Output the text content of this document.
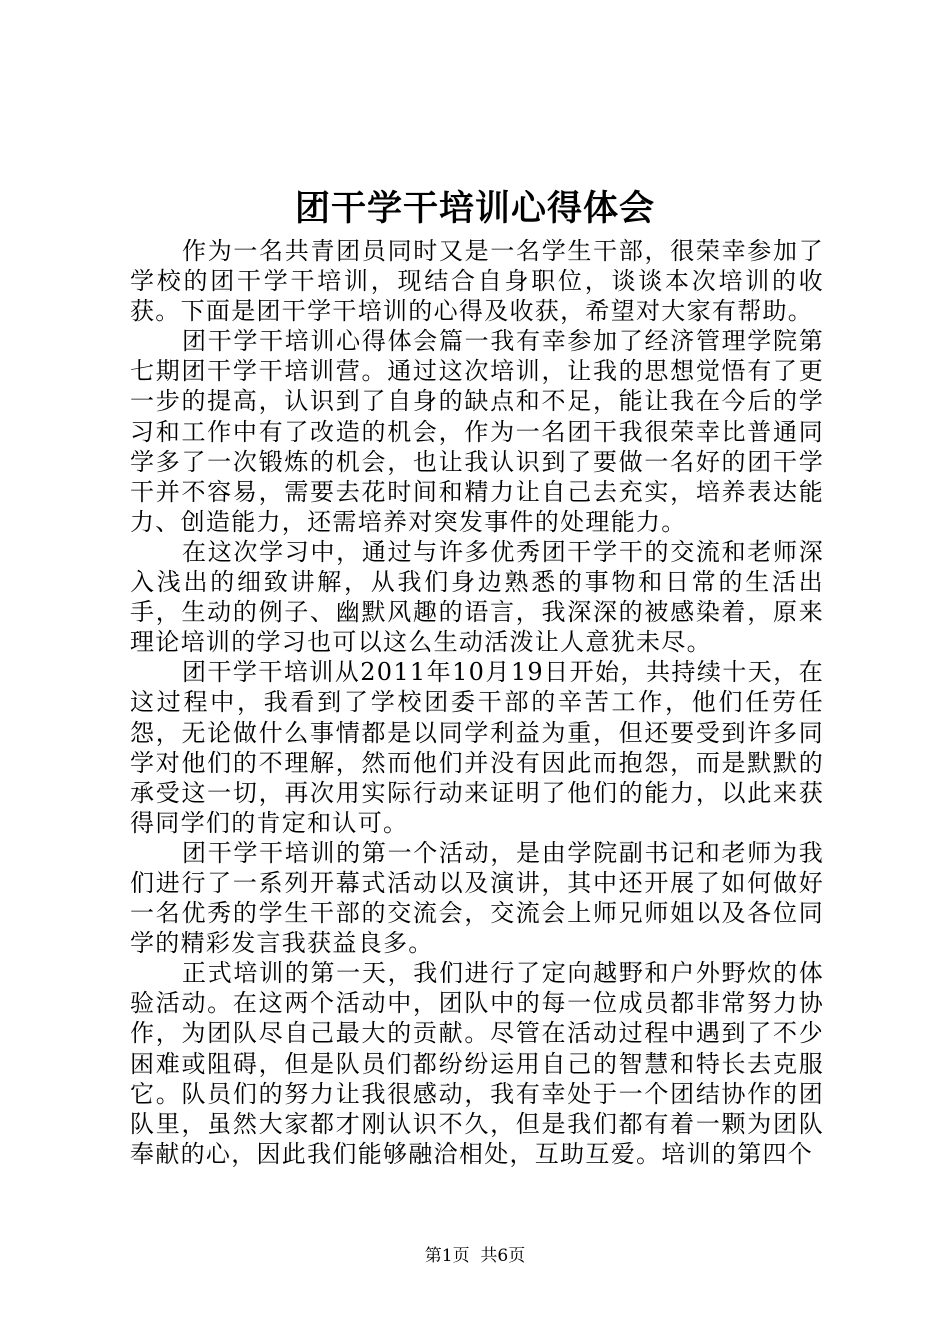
团干学干培训心得体会

作为一名共青团员同时又是一名学生干部，很荣幸参加了学校的团干学干培训，现结合自身职位，谈谈本次培训的收获。下面是团干学干培训的心得及收获，希望对大家有帮助。

团干学干培训心得体会篇一我有幸参加了经济管理学院第七期团干学干培训营。通过这次培训，让我的思想觉悟有了更一步的提高，认识到了自身的缺点和不足，能让我在今后的学习和工作中有了改造的机会，作为一名团干我很荣幸比普通同学多了一次锻炼的机会，也让我认识到了要做一名好的团干学干并不容易，需要去花时间和精力让自己去充实，培养表达能力、创造能力，还需培养对突发事件的处理能力。

在这次学习中，通过与许多优秀团干学干的交流和老师深入浅出的细致讲解，从我们身边熟悉的事物和日常的生活出手，生动的例子、幽默风趣的语言，我深深的被感染着，原来理论培训的学习也可以这么生动活泼让人意犹未尽。

团干学干培训从2011年10月19日开始，共持续十天，在这过程中，我看到了学校团委干部的辛苦工作，他们任劳任怨，无论做什么事情都是以同学利益为重，但还要受到许多同学对他们的不理解，然而他们并没有因此而抱怨，而是默默的承受这一切，再次用实际行动来证明了他们的能力，以此来获得同学们的肯定和认可。

团干学干培训的第一个活动，是由学院副书记和老师为我们进行了一系列开幕式活动以及演讲，其中还开展了如何做好一名优秀的学生干部的交流会，交流会上师兄师姐以及各位同学的精彩发言我获益良多。

正式培训的第一天，我们进行了定向越野和户外野炊的体验活动。在这两个活动中，团队中的每一位成员都非常努力协作，为团队尽自己最大的贡献。尽管在活动过程中遇到了不少困难或阻碍，但是队员们都纷纷运用自己的智慧和特长去克服它。队员们的努力让我很感动，我有幸处于一个团结协作的团队里，虽然大家都才刚认识不久，但是我们都有着一颗为团队奉献的心，因此我们能够融洽相处，互助互爱。培训的第四个

第1页 共6页
